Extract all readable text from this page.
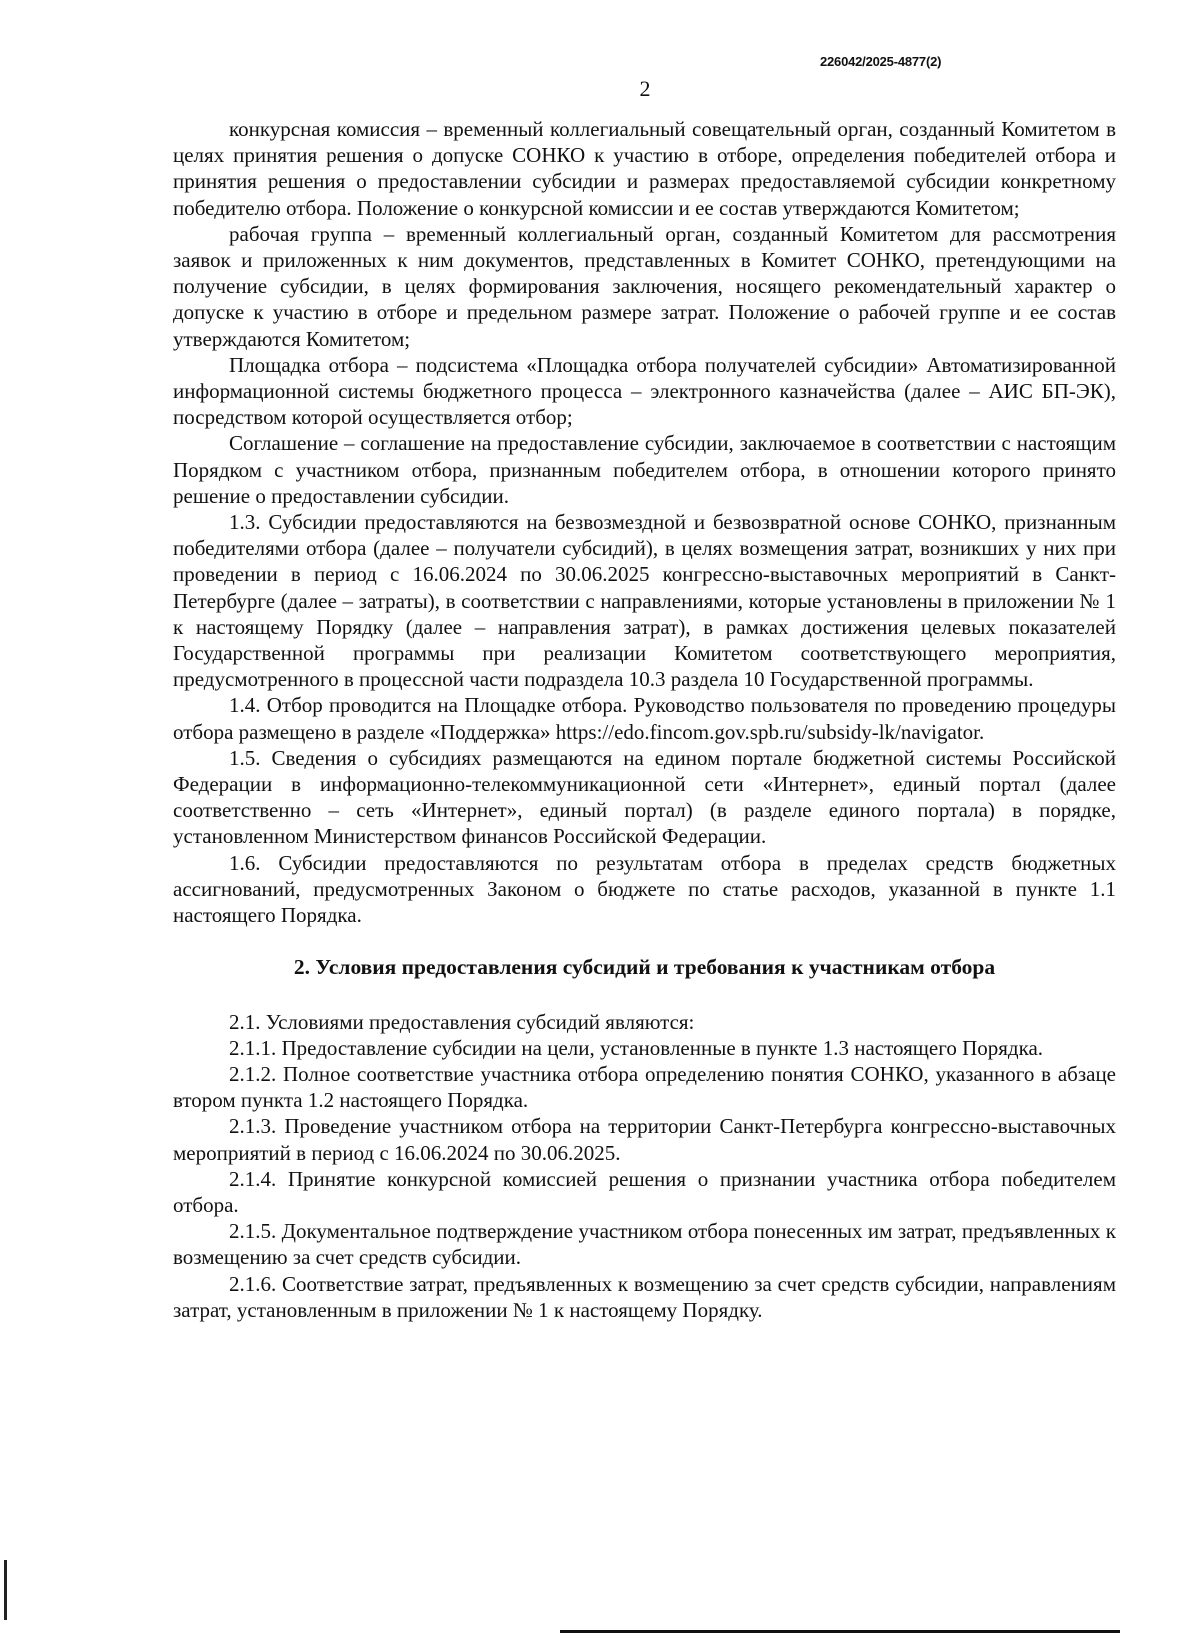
226042/2025-4877(2)
2

конкурсная комиссия – временный коллегиальный совещательный орган, созданный Комитетом в целях принятия решения о допуске СОНКО к участию в отборе, определения победителей отбора и принятия решения о предоставлении субсидии и размерах предоставляемой субсидии конкретному победителю отбора. Положение о конкурсной комиссии и ее состав утверждаются Комитетом;

рабочая группа – временный коллегиальный орган, созданный Комитетом для рассмотрения заявок и приложенных к ним документов, представленных в Комитет СОНКО, претендующими на получение субсидии, в целях формирования заключения, носящего рекомендательный характер о допуске к участию в отборе и предельном размере затрат. Положение о рабочей группе и ее состав утверждаются Комитетом;

Площадка отбора – подсистема «Площадка отбора получателей субсидии» Автоматизированной информационной системы бюджетного процесса – электронного казначейства (далее – АИС БП-ЭК), посредством которой осуществляется отбор;

Соглашение – соглашение на предоставление субсидии, заключаемое в соответствии с настоящим Порядком с участником отбора, признанным победителем отбора, в отношении которого принято решение о предоставлении субсидии.

1.3. Субсидии предоставляются на безвозмездной и безвозвратной основе СОНКО, признанным победителями отбора (далее – получатели субсидий), в целях возмещения затрат, возникших у них при проведении в период с 16.06.2024 по 30.06.2025 конгрессно-выставочных мероприятий в Санкт-Петербурге (далее – затраты), в соответствии с направлениями, которые установлены в приложении № 1 к настоящему Порядку (далее – направления затрат), в рамках достижения целевых показателей Государственной программы при реализации Комитетом соответствующего мероприятия, предусмотренного в процессной части подраздела 10.3 раздела 10 Государственной программы.

1.4. Отбор проводится на Площадке отбора. Руководство пользователя по проведению процедуры отбора размещено в разделе «Поддержка» https://edo.fincom.gov.spb.ru/subsidy-lk/navigator.

1.5. Сведения о субсидиях размещаются на едином портале бюджетной системы Российской Федерации в информационно-телекоммуникационной сети «Интернет», единый портал (далее соответственно – сеть «Интернет», единый портал) (в разделе единого портала) в порядке, установленном Министерством финансов Российской Федерации.

1.6. Субсидии предоставляются по результатам отбора в пределах средств бюджетных ассигнований, предусмотренных Законом о бюджете по статье расходов, указанной в пункте 1.1 настоящего Порядка.

2. Условия предоставления субсидий и требования к участникам отбора

2.1. Условиями предоставления субсидий являются:

2.1.1. Предоставление субсидии на цели, установленные в пункте 1.3 настоящего Порядка.

2.1.2. Полное соответствие участника отбора определению понятия СОНКО, указанного в абзаце втором пункта 1.2 настоящего Порядка.

2.1.3. Проведение участником отбора на территории Санкт-Петербурга конгрессно-выставочных мероприятий в период с 16.06.2024 по 30.06.2025.

2.1.4. Принятие конкурсной комиссией решения о признании участника отбора победителем отбора.

2.1.5. Документальное подтверждение участником отбора понесенных им затрат, предъявленных к возмещению за счет средств субсидии.

2.1.6. Соответствие затрат, предъявленных к возмещению за счет средств субсидии, направлениям затрат, установленным в приложении № 1 к настоящему Порядку.
